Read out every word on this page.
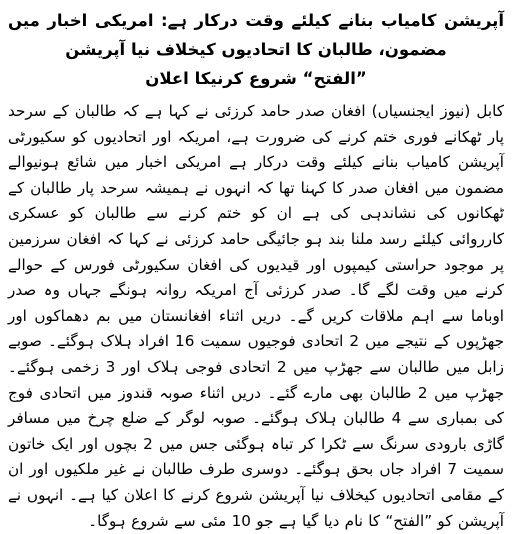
آپریشن کامیاب بنانے کیلئے وقت درکار ہے: امریکی اخبار میں مضمون، طالبان کا اتحادیوں کیخلاف نیا آپریشن
”الفتح“ شروع کرنیکا اعلان

کابل (نیوز ایجنسیاں) افغان صدر حامد کرزئی نے کہا ہے کہ طالبان کے سرحد پار ٹھکانے فوری ختم کرنے کی ضرورت ہے، امریکہ اور اتحادیوں کو سکیورٹی آپریشن کامیاب بنانے کیلئے وقت درکار ہے امریکی اخبار میں شائع ہونیوالے مضمون میں افغان صدر کا کہنا تھا کہ انہوں نے ہمیشہ سرحد پار طالبان کے ٹھکانوں کی نشاندہی کی ہے ان کو ختم کرنے سے طالبان کو عسکری کارروائی کیلئے رسد ملنا بند ہو جائیگی حامد کرزئی نے کہا کہ افغان سرزمین پر موجود حراستی کیمپوں اور قیدیوں کی افغان سکیورٹی فورس کے حوالے کرنے میں وقت لگے گا۔ صدر کرزئی آج امریکہ روانہ ہونگے جہاں وہ صدر اوباما سے اہم ملاقات کریں گے۔ دریں اثناء افغانستان میں بم دھماکوں اور جھڑپوں کے نتیجے میں 2 اتحادی فوجیوں سمیت 16 افراد ہلاک ہوگئے۔ صوبے زابل میں طالبان سے جھڑپ میں 2 اتحادی فوجی ہلاک اور 3 زخمی ہوگئے۔ جھڑپ میں 2 طالبان بھی مارے گئے۔ دریں اثناء صوبہ قندوز میں اتحادی فوج کی بمباری سے 4 طالبان ہلاک ہوگئے۔ صوبہ لوگر کے ضلع چرخ میں مسافر گاڑی بارودی سرنگ سے ٹکرا کر تباہ ہوگئی جس میں 2 بچوں اور ایک خاتون سمیت 7 افراد جاں بحق ہوگئے۔ دوسری طرف طالبان نے غیر ملکیوں اور ان کے مقامی اتحادیوں کیخلاف نیا آپریشن شروع کرنے کا اعلان کیا ہے۔ انہوں نے آپریشن کو ”الفتح“ کا نام دیا گیا ہے جو 10 مئی سے شروع ہوگا۔
